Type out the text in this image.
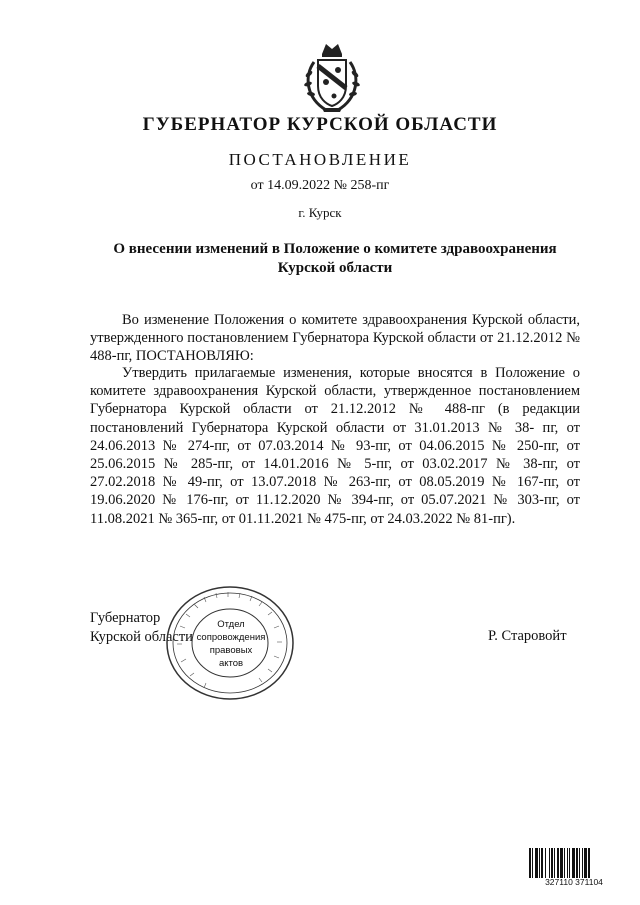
ГУБЕРНАТОР КУРСКОЙ ОБЛАСТИ
ПОСТАНОВЛЕНИЕ
от 14.09.2022 № 258-пг
г. Курск
О внесении изменений в Положение о комитете здравоохранения Курской области
Во изменение Положения о комитете здравоохранения Курской области, утвержденного постановлением Губернатора Курской области от 21.12.2012 № 488-пг, ПОСТАНОВЛЯЮ:
Утвердить прилагаемые изменения, которые вносятся в Положение о комитете здравоохранения Курской области, утвержденное постановлением Губернатора Курской области от 21.12.2012 № 488-пг (в редакции постановлений Губернатора Курской области от 31.01.2013 № 38- пг, от 24.06.2013 № 274-пг, от 07.03.2014 № 93-пг, от 04.06.2015 № 250-пг, от 25.06.2015 № 285-пг, от 14.01.2016 № 5-пг, от 03.02.2017 № 38-пг, от 27.02.2018 № 49-пг, от 13.07.2018 № 263-пг, от 08.05.2019 № 167-пг, от 19.06.2020 № 176-пг, от 11.12.2020 № 394-пг, от 05.07.2021 № 303-пг, от 11.08.2021 № 365-пг, от 01.11.2021 № 475-пг, от 24.03.2022 № 81-пг).
Губернатор
Курской области	Р. Старовойт
Отдел
сопровождения
правовых
актов
327110 371104
